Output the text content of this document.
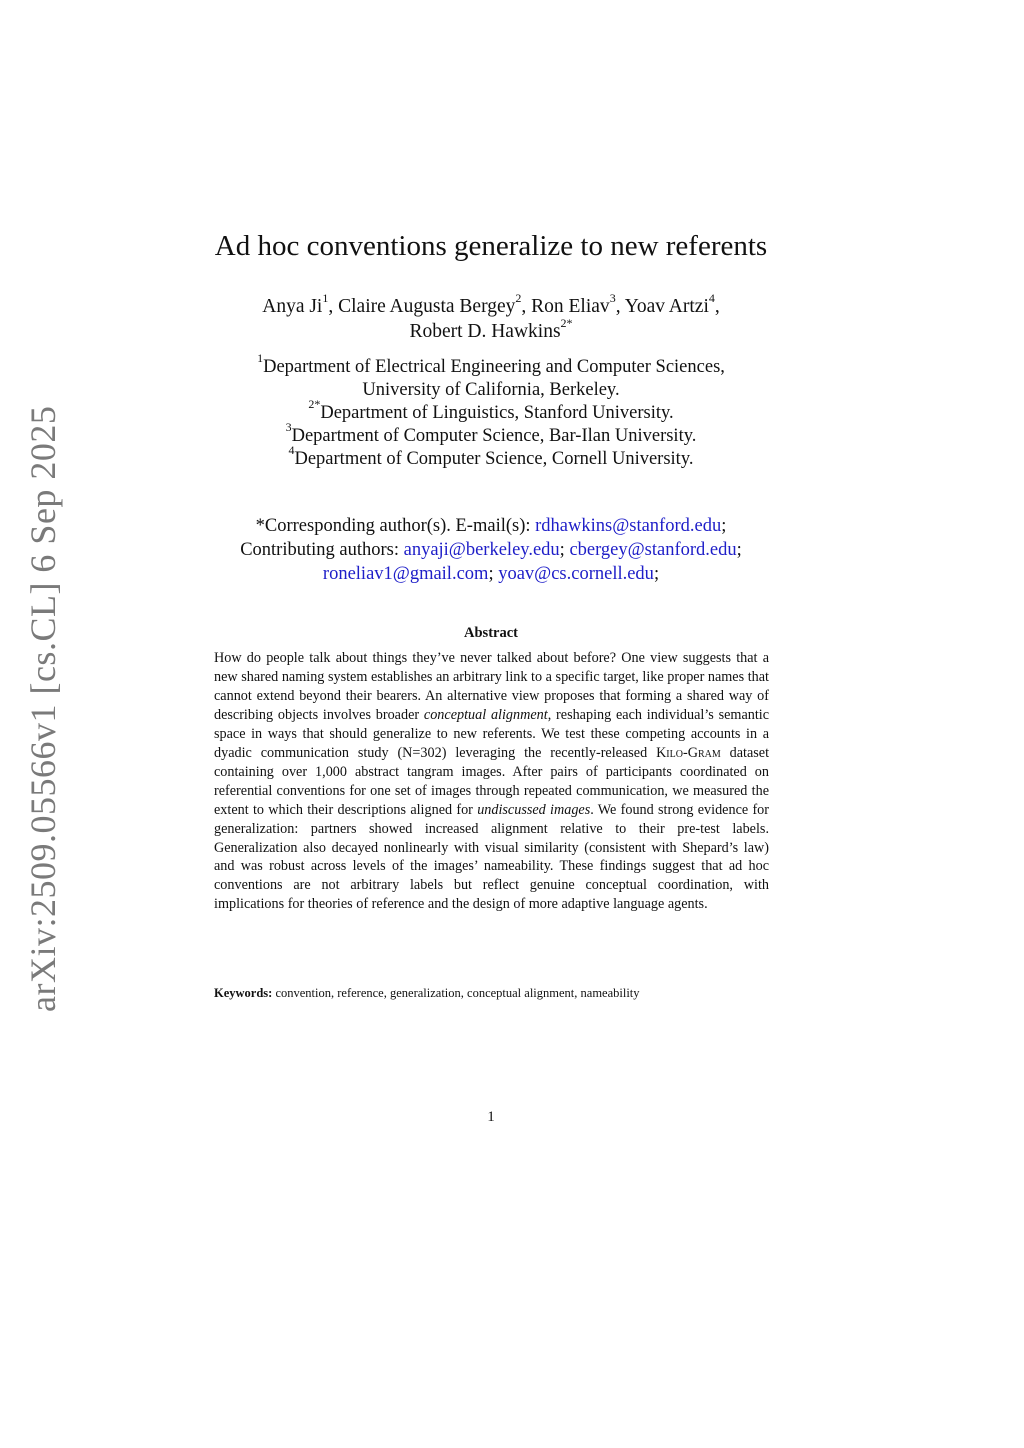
arXiv:2509.05566v1 [cs.CL] 6 Sep 2025
Ad hoc conventions generalize to new referents
Anya Ji$^1$, Claire Augusta Bergey$^2$, Ron Eliav$^3$, Yoav Artzi$^4$,
Robert D. Hawkins$^{2*}$
$^1$Department of Electrical Engineering and Computer Sciences,
University of California, Berkeley.
$^{2*}$Department of Linguistics, Stanford University.
$^3$Department of Computer Science, Bar-Ilan University.
$^4$Department of Computer Science, Cornell University.
*Corresponding author(s). E-mail(s): rdhawkins@stanford.edu;
Contributing authors: anyaji@berkeley.edu; cbergey@stanford.edu;
roneliav1@gmail.com; yoav@cs.cornell.edu;
Abstract

How do people talk about things they’ve never talked about before? One view suggests that a new shared naming system establishes an arbitrary link to a specific target, like proper names that cannot extend beyond their bearers. An alternative view proposes that forming a shared way of describing objects involves broader conceptual alignment, reshaping each individual’s semantic space in ways that should generalize to new referents. We test these competing accounts in a dyadic communication study (N=302) leveraging the recently-released Kilo-Gram dataset containing over 1,000 abstract tangram images. After pairs of participants coordinated on referential conventions for one set of images through repeated communication, we measured the extent to which their descriptions aligned for undiscussed images. We found strong evidence for generalization: partners showed increased alignment relative to their pre-test labels. Generalization also decayed nonlinearly with visual similarity (consistent with Shepard’s law) and was robust across levels of the images’ nameability. These findings suggest that ad hoc conventions are not arbitrary labels but reflect genuine conceptual coordination, with implications for theories of reference and the design of more adaptive language agents.

Keywords: convention, reference, generalization, conceptual alignment, nameability

1
